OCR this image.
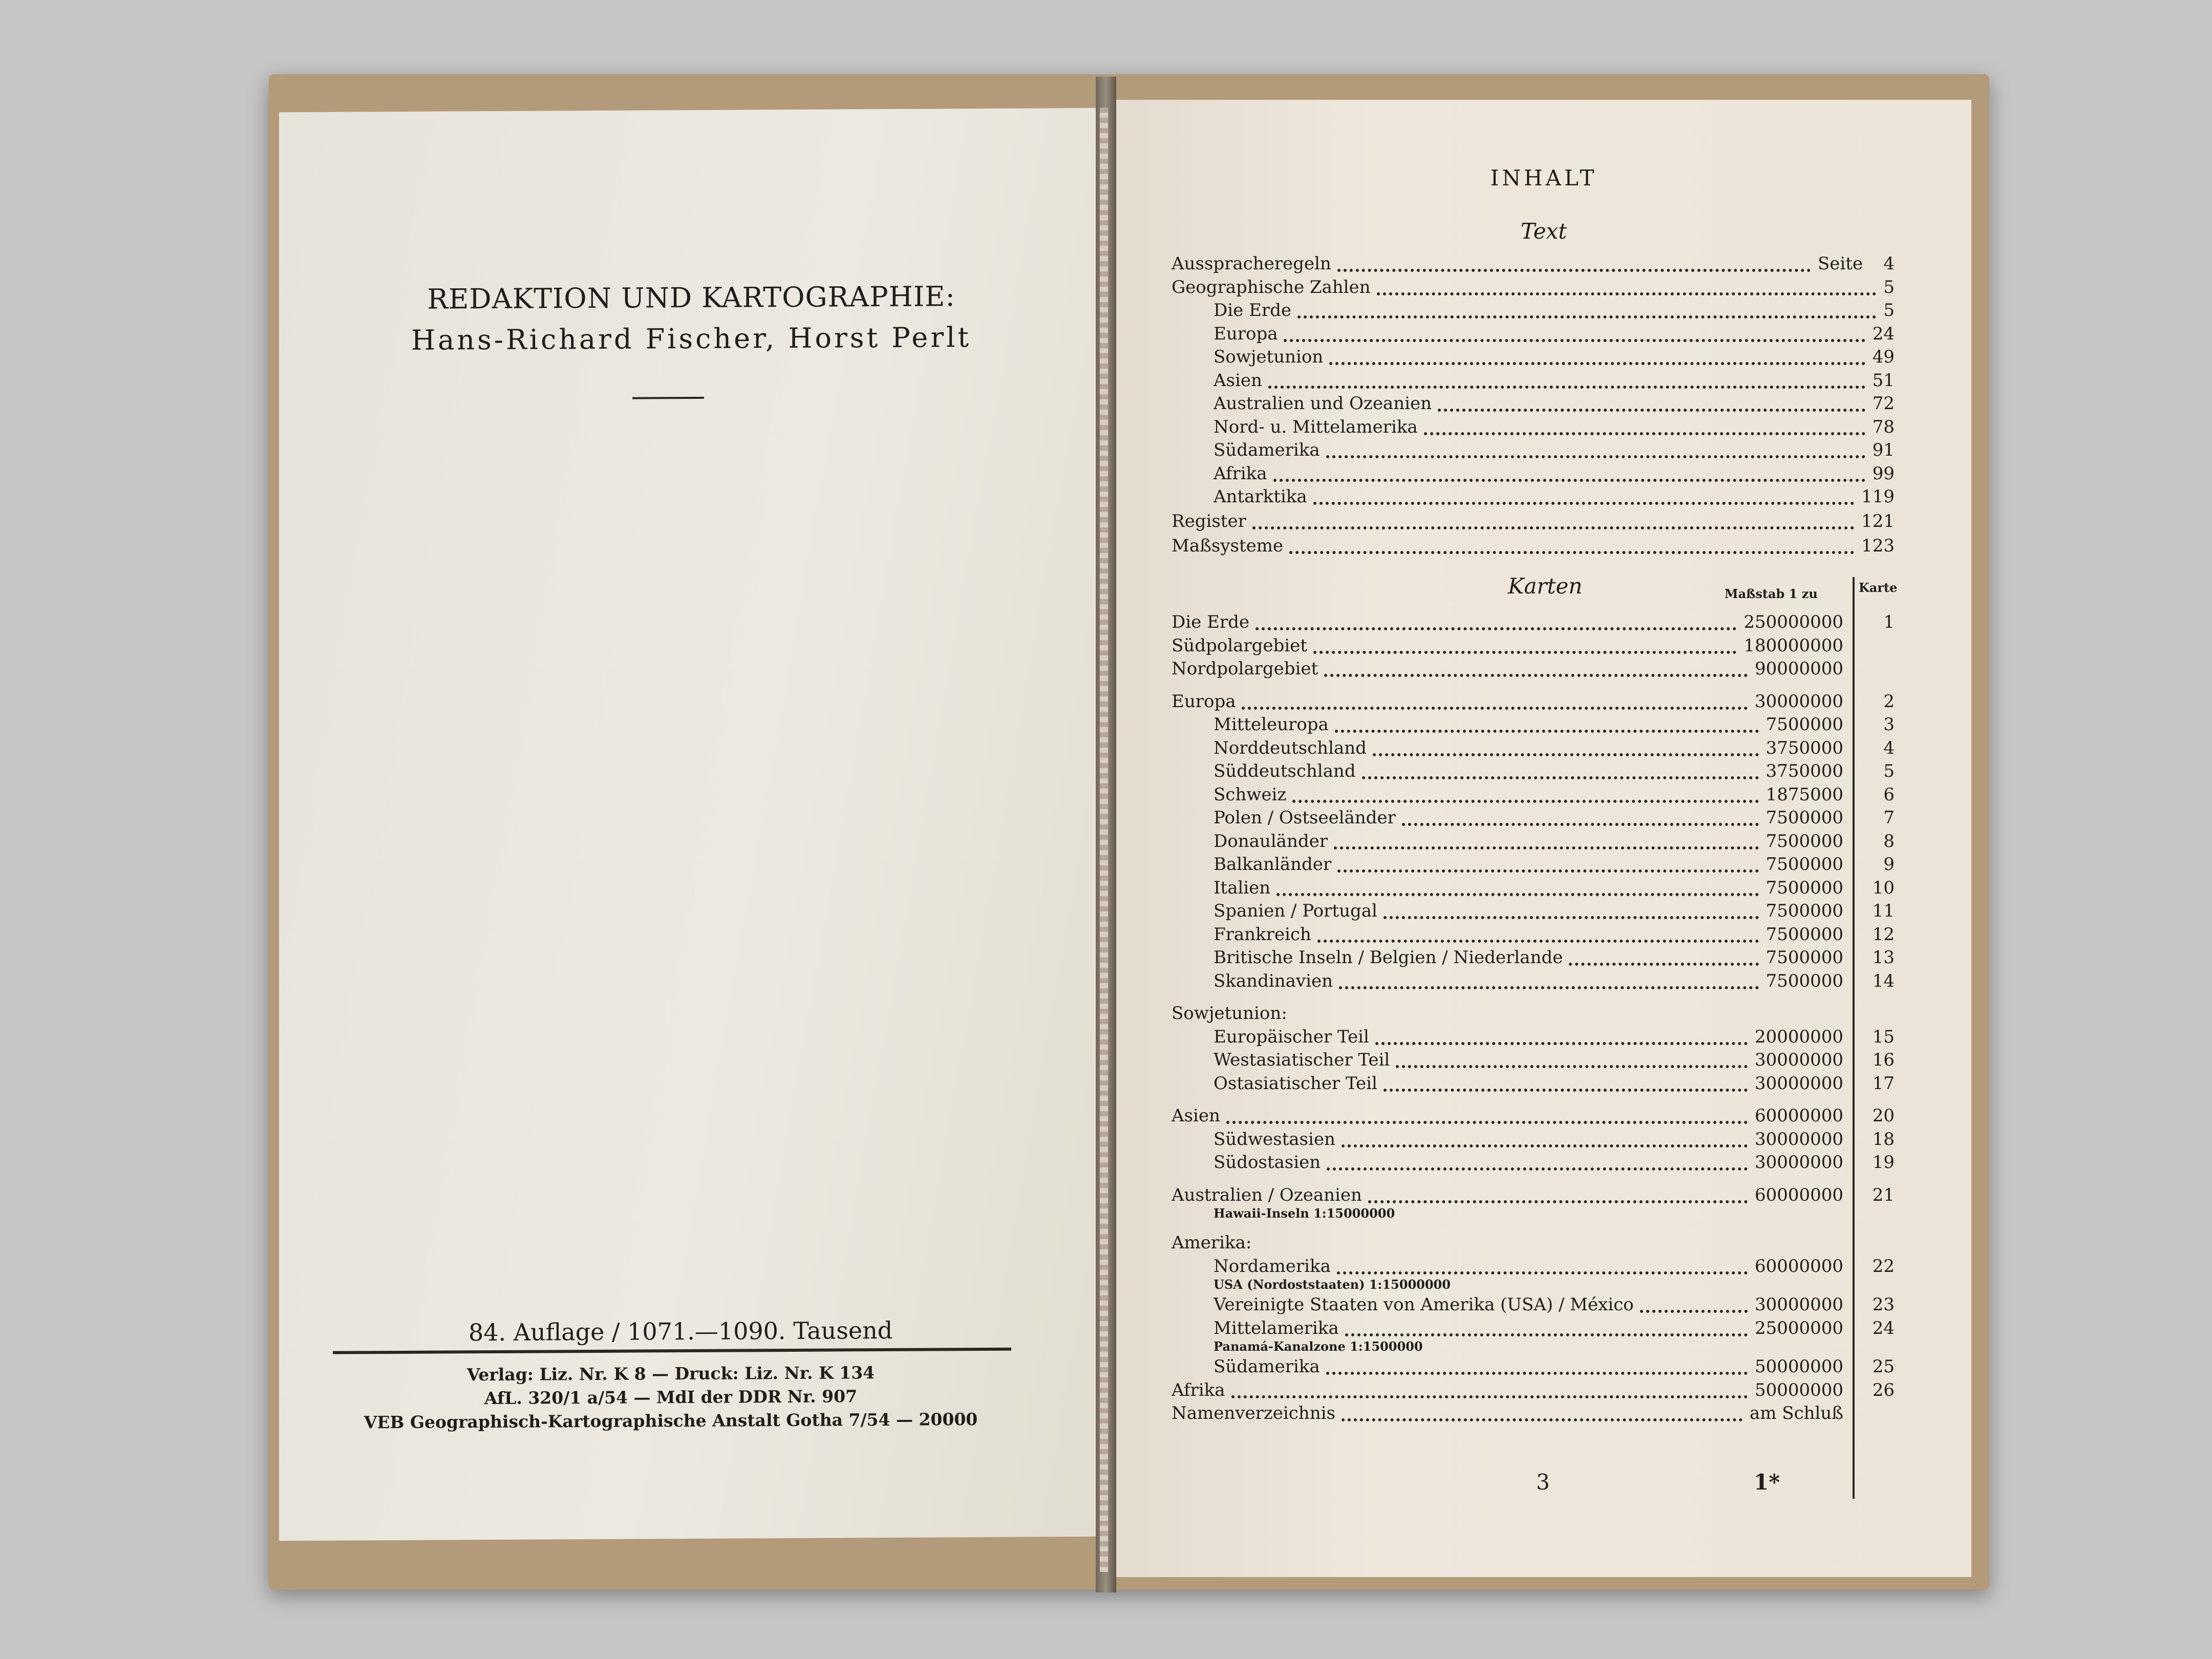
REDAKTION UND KARTOGRAPHIE:
Hans-Richard Fischer, Horst Perlt
84. Auflage / 1071.—1090. Tausend
Verlag: Liz. Nr. K 8 — Druck: Liz. Nr. K 134
AfL. 320/1 a/54 — MdI der DDR Nr. 907
VEB Geographisch-Kartographische Anstalt Gotha 7/54 — 20000
INHALT
Text
Ausspracheregeln	Seite	4
Geographische Zahlen	5
Die Erde	5
Europa	24
Sowjetunion	49
Asien	51
Australien und Ozeanien	72
Nord- u. Mittelamerika	78
Südamerika	91
Afrika	99
Antarktika	119
Register	121
Maßsysteme	123
Karten	Maßstab 1 zu	Karte
Die Erde	250000000	1
Südpolargebiet	180000000
Nordpolargebiet	90000000
Europa	30000000	2
Mitteleuropa	7500000	3
Norddeutschland	3750000	4
Süddeutschland	3750000	5
Schweiz	1875000	6
Polen / Ostseeländer	7500000	7
Donauländer	7500000	8
Balkanländer	7500000	9
Italien	7500000	10
Spanien / Portugal	7500000	11
Frankreich	7500000	12
Britische Inseln / Belgien / Niederlande	7500000	13
Skandinavien	7500000	14
Sowjetunion:
Europäischer Teil	20000000	15
Westasiatischer Teil	30000000	16
Ostasiatischer Teil	30000000	17
Asien	60000000	20
Südwestasien	30000000	18
Südostasien	30000000	19
Australien / Ozeanien	60000000	21
Hawaii-Inseln 1:15000000
Amerika:
Nordamerika	60000000	22
USA (Nordoststaaten) 1:15000000
Vereinigte Staaten von Amerika (USA) / México	30000000	23
Mittelamerika	25000000	24
Panamá-Kanalzone 1:1500000
Südamerika	50000000	25
Afrika	50000000	26
Namenverzeichnis	am Schluß
3	1*
